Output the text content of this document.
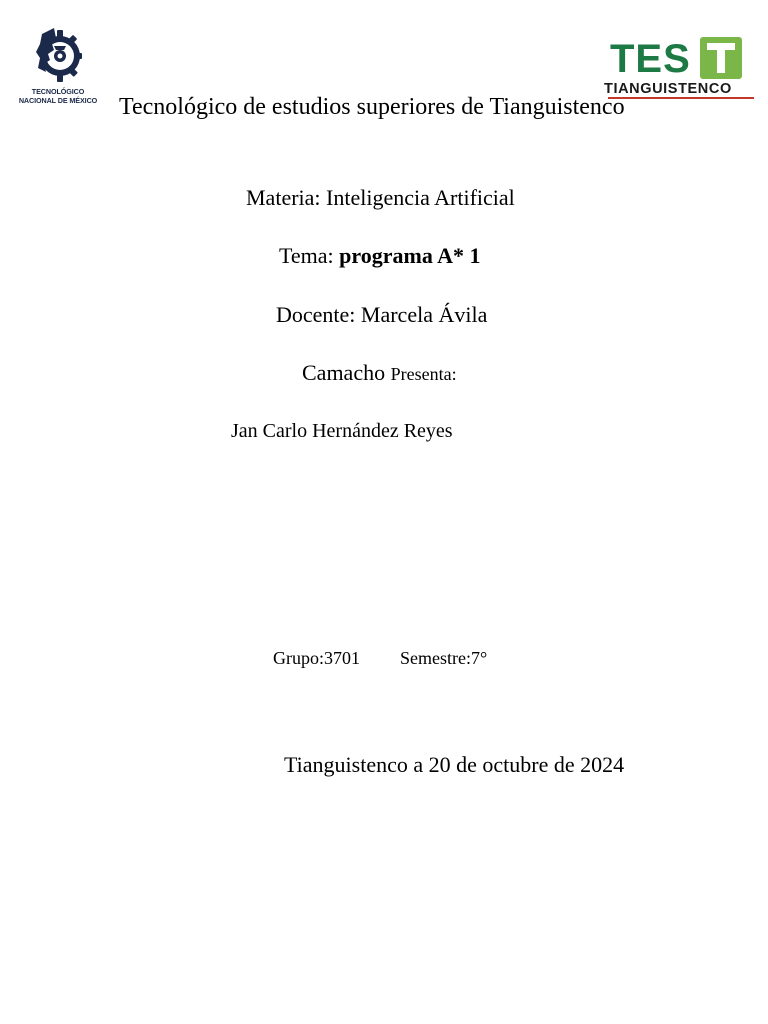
TECNOLÓGICO
NACIONAL DE MÉXICO
TES
TIANGUISTENCO
Tecnológico de estudios superiores de Tianguistenco
Materia: Inteligencia Artificial
Tema: programa A* 1
Docente: Marcela Ávila
Camacho Presenta:
Jan Carlo Hernández Reyes
Grupo:3701 Semestre:7°
Tianguistenco a 20 de octubre de 2024
